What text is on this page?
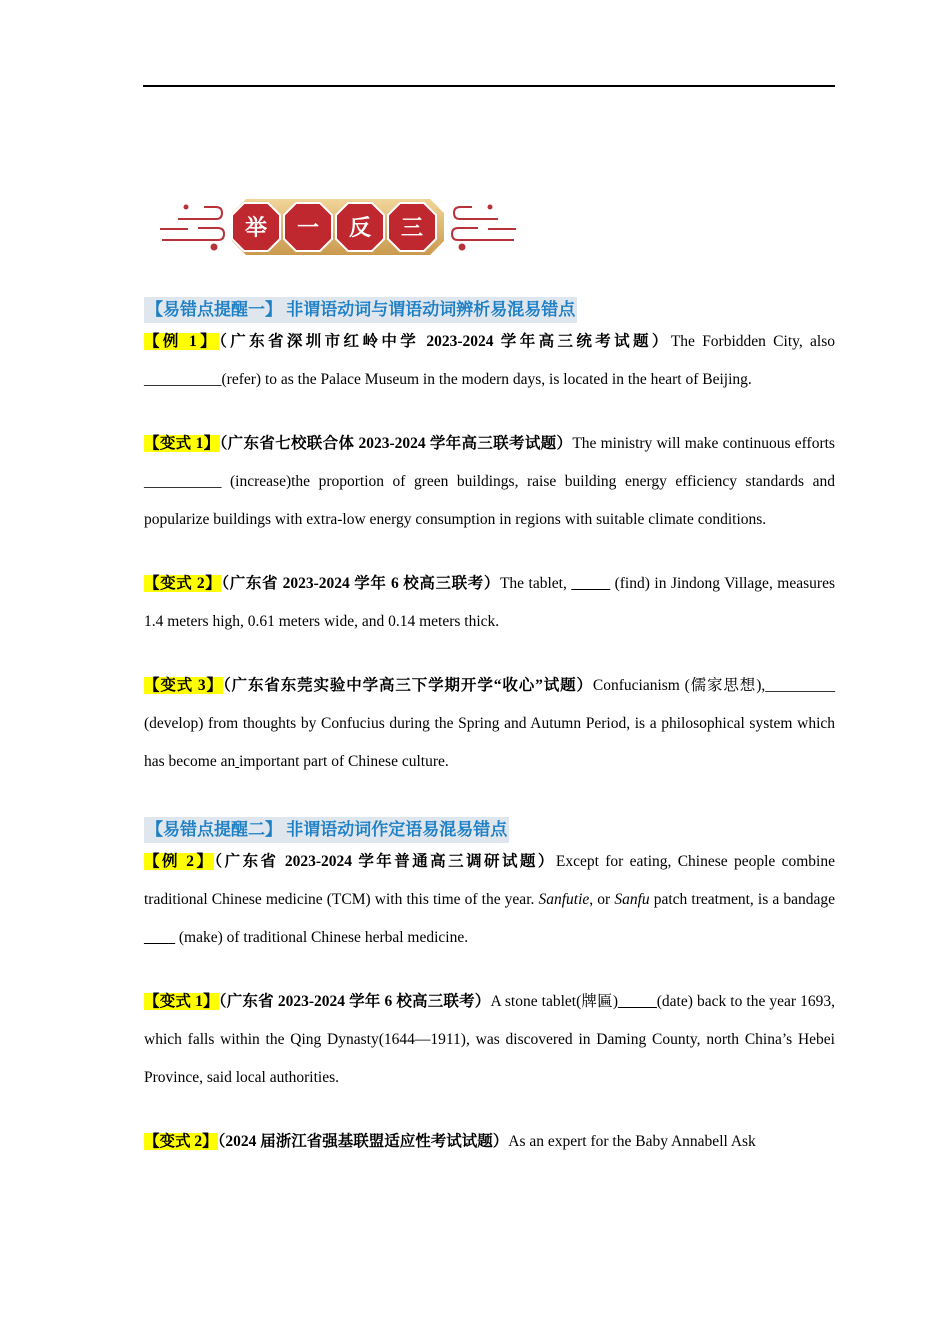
举 一 反 三
【易错点提醒一】 非谓语动词与谓语动词辨析易混易错点

【例 1】（广东省深圳市红岭中学 2023-2024 学年高三统考试题）The Forbidden City, also __________(refer) to as the Palace Museum in the modern days, is located in the heart of Beijing.

【变式 1】（广东省七校联合体 2023-2024 学年高三联考试题）The ministry will make continuous efforts __________ (increase)the proportion of green buildings, raise building energy efficiency standards and popularize buildings with extra-low energy consumption in regions with suitable climate conditions.

【变式 2】（广东省 2023-2024 学年 6 校高三联考）The tablet, _____ (find) in Jindong Village, measures 1.4 meters high, 0.61 meters wide, and 0.14 meters thick.

【变式 3】（广东省东莞实验中学高三下学期开学“收心”试题）Confucianism (儒家思想),_________ (develop) from thoughts by Confucius during the Spring and Autumn Period, is a philosophical system which has become an important part of Chinese culture.

【易错点提醒二】 非谓语动词作定语易混易错点

【例 2】（广东省 2023-2024 学年普通高三调研试题）Except for eating, Chinese people combine traditional Chinese medicine (TCM) with this time of the year. Sanfutie, or Sanfu patch treatment, is a bandage ____ (make) of traditional Chinese herbal medicine.

【变式 1】（广东省 2023-2024 学年 6 校高三联考）A stone tablet(牌匾)_____(date) back to the year 1693, which falls within the Qing Dynasty(1644—1911), was discovered in Daming County, north China’s Hebei Province, said local authorities.

【变式 2】（2024 届浙江省强基联盟适应性考试试题）As an expert for the Baby Annabell Ask
